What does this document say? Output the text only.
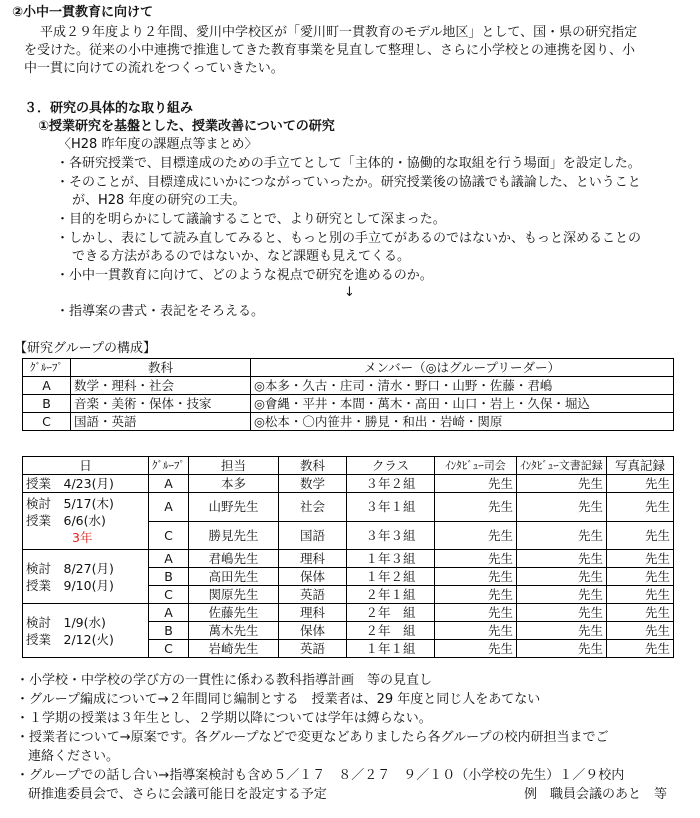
②小中一貫教育に向けて
平成２９年度より２年間、愛川中学校区が「愛川町一貫教育のモデル地区」として、国・県の研究指定
を受けた。従来の小中連携で推進してきた教育事業を見直して整理し、さらに小学校との連携を図り、小
中一貫に向けての流れをつくっていきたい。
３．研究の具体的な取り組み
①授業研究を基盤とした、授業改善についての研究
〈H28 昨年度の課題点等まとめ〉
・各研究授業で、目標達成のための手立てとして「主体的・協働的な取組を行う場面」を設定した。
・そのことが、目標達成にいかにつながっていったか。研究授業後の協議でも議論した、ということ
が、H28 年度の研究の工夫。
・目的を明らかにして議論することで、より研究として深まった。
・しかし、表にして読み直してみると、もっと別の手立てがあるのではないか、もっと深めることの
できる方法があるのではないか、など課題も見えてくる。
・小中一貫教育に向けて、どのような視点で研究を進めるのか。
↓
・指導案の書式・表記をそろえる。
【研究グループの構成】
ｸﾞﾙｰﾌﾟ	教科	メンバー（◎はグループリーダー）
A	数学・理科・社会	◎本多・久古・庄司・清水・野口・山野・佐藤・君嶋
B	音楽・美術・保体・技家	◎會縄・平井・本間・萬木・高田・山口・岩上・久保・堀込
C	国語・英語	◎松本・〇内笹井・勝見・和出・岩崎・関原
日	ｸﾞﾙｰﾌﾟ	担当	教科	クラス	ｲﾝﾀﾋﾞｭｰ司会	ｲﾝﾀﾋﾞｭｰ文書記録	写真記録
授業　4/23(月)	A	本多	数学	３年２組	先生	先生	先生

検討　5/17(木)
授業　6/6(水)
3年	A	山野先生	社会	３年１組	先生	先生	先生
	C	勝見先生	国語	３年３組	先生	先生	先生

検討　8/27(月)
授業　9/10(月)	A	君嶋先生	理科	１年３組	先生	先生	先生
	B	高田先生	保体	１年２組	先生	先生	先生
	C	関原先生	英語	２年１組	先生	先生	先生

検討　1/9(水)
授業　2/12(火)	A	佐藤先生	理科	２年　組	先生	先生	先生
	B	萬木先生	保体	２年　組	先生	先生	先生
	C	岩崎先生	英語	１年１組	先生	先生	先生
・小学校・中学校の学び方の一貫性に係わる教科指導計画　等の見直し
・グループ編成について→２年間同じ編制とする　授業者は、29 年度と同じ人をあてない
・１学期の授業は３年生とし、２学期以降については学年は縛らない。
・授業者について→原案です。各グループなどで変更などありましたら各グループの校内研担当までご
連絡ください。
・グループでの話し合い→指導案検討も含め５／１７　８／２７　９／１０（小学校の先生）１／９校内
研推進委員会で、さらに会議可能日を設定する予定	例　職員会議のあと　等
